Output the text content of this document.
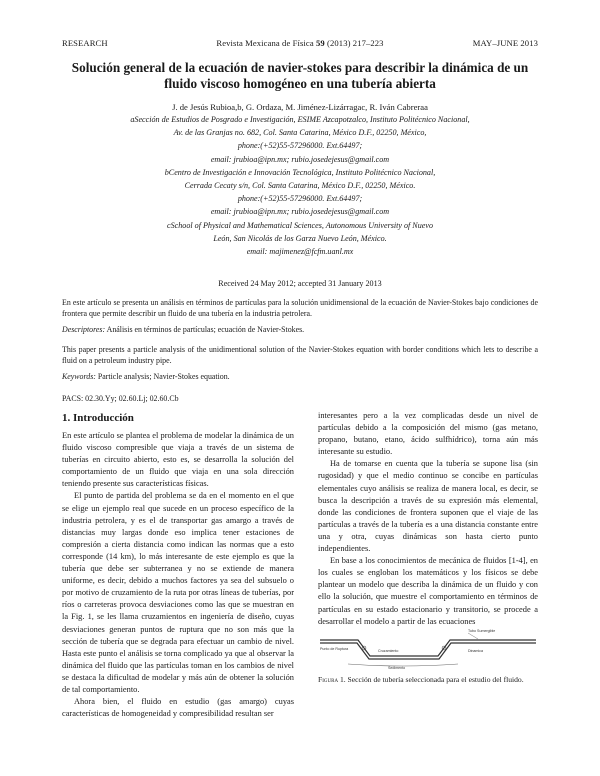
RESEARCH	Revista Mexicana de Física 59 (2013) 217–223	MAY–JUNE 2013
Solución general de la ecuación de navier-stokes para describir la dinámica de un fluido viscoso homogéneo en una tubería abierta
J. de Jesús Rubioa,b, G. Ordaza, M. Jiménez-Lizárragac, R. Iván Cabreraa
aSección de Estudios de Posgrado e Investigación, ESIME Azcapotzalco, Instituto Politécnico Nacional,
Av. de las Granjas no. 682, Col. Santa Catarina, México D.F., 02250, México,
phone:(+52)55-57296000. Ext.64497;
email: jrubioa@ipn.mx; rubio.josedejesus@gmail.com
bCentro de Investigación e Innovación Tecnológica, Instituto Politécnico Nacional,
Cerrada Cecaty s/n, Col. Santa Catarina, México D.F., 02250, México.
phone:(+52)55-57296000. Ext.64497;
email: jrubioa@ipn.mx; rubio.josedejesus@gmail.com
cSchool of Physical and Mathematical Sciences, Autonomous University of Nuevo
León, San Nicolás de los Garza Nuevo León, México.
email: majimenez@fcfm.uanl.mx
Received 24 May 2012; accepted 31 January 2013
En este artículo se presenta un análisis en términos de partículas para la solución unidimensional de la ecuación de Navier-Stokes bajo condiciones de frontera que permite describir un fluido de una tubería en la industria petrolera.
Descriptores: Análisis en términos de partículas; ecuación de Navier-Stokes.
This paper presents a particle analysis of the unidimentional solution of the Navier-Stokes equation with border conditions which lets to describe a fluid on a petroleum industry pipe.
Keywords: Particle analysis; Navier-Stokes equation.
PACS: 02.30.Yy; 02.60.Lj; 02.60.Cb
1. Introducción

En este artículo se plantea el problema de modelar la dinámica de un fluido viscoso compresible que viaja a través de un sistema de tuberías en circuito abierto, esto es, se desarrolla la solución del comportamiento de un fluido que viaja en una sola dirección teniendo presente sus características físicas.

El punto de partida del problema se da en el momento en el que se elige un ejemplo real que sucede en un proceso específico de la industria petrolera, y es el de transportar gas amargo a través de distancias muy largas donde eso implica tener estaciones de compresión a cierta distancia como indican las normas que a esto corresponde (14 km), lo más interesante de este ejemplo es que la tubería que debe ser subterranea y no se extiende de manera uniforme, es decir, debido a muchos factores ya sea del subsuelo o por motivo de cruzamiento de la ruta por otras líneas de tuberías, por ríos o carreteras provoca desviaciones como las que se muestran en la Fig. 1, se les llama cruzamientos en ingeniería de diseño, cuyas desviaciones generan puntos de ruptura que no son más que la sección de tubería que se degrada para efectuar un cambio de nivel. Hasta este punto el análisis se torna complicado ya que al observar la dinámica del fluido que las partículas toman en los cambios de nivel se destaca la dificultad de modelar y más aún de obtener la solución de tal comportamiento.

Ahora bien, el fluido en estudio (gas amargo) cuyas características de homogeneidad y compresibilidad resultan ser

interesantes pero a la vez complicadas desde un nivel de partículas debido a la composición del mismo (gas metano, propano, butano, etano, ácido sulfhídrico), torna aún más interesante su estudio.

Ha de tomarse en cuenta que la tubería se supone lisa (sin rugosidad) y que el medio continuo se concibe en partículas elementales cuyo análisis se realiza de manera local, es decir, se busca la descripción a través de su expresión más elemental, donde las condiciones de frontera suponen que el viaje de las partículas a través de la tubería es a una distancia constante entre una y otra, cuyas dinámicas son hasta cierto punto independientes.

En base a los conocimientos de mecánica de fluidos [1-4], en los cuales se engloban los matemáticos y los físicos se debe plantear un modelo que describa la dinámica de un fluido y con ello la solución, que muestre el comportamiento en términos de partículas en su estado estacionario y transitorio, se procede a desarrollar el modelo a partir de las ecuaciones

Tubo Sumergible
Punto de Ruptura	Cruzamiento	Dinamica
Sedimento
Figura 1. Sección de tubería seleccionada para el estudio del fluido.
